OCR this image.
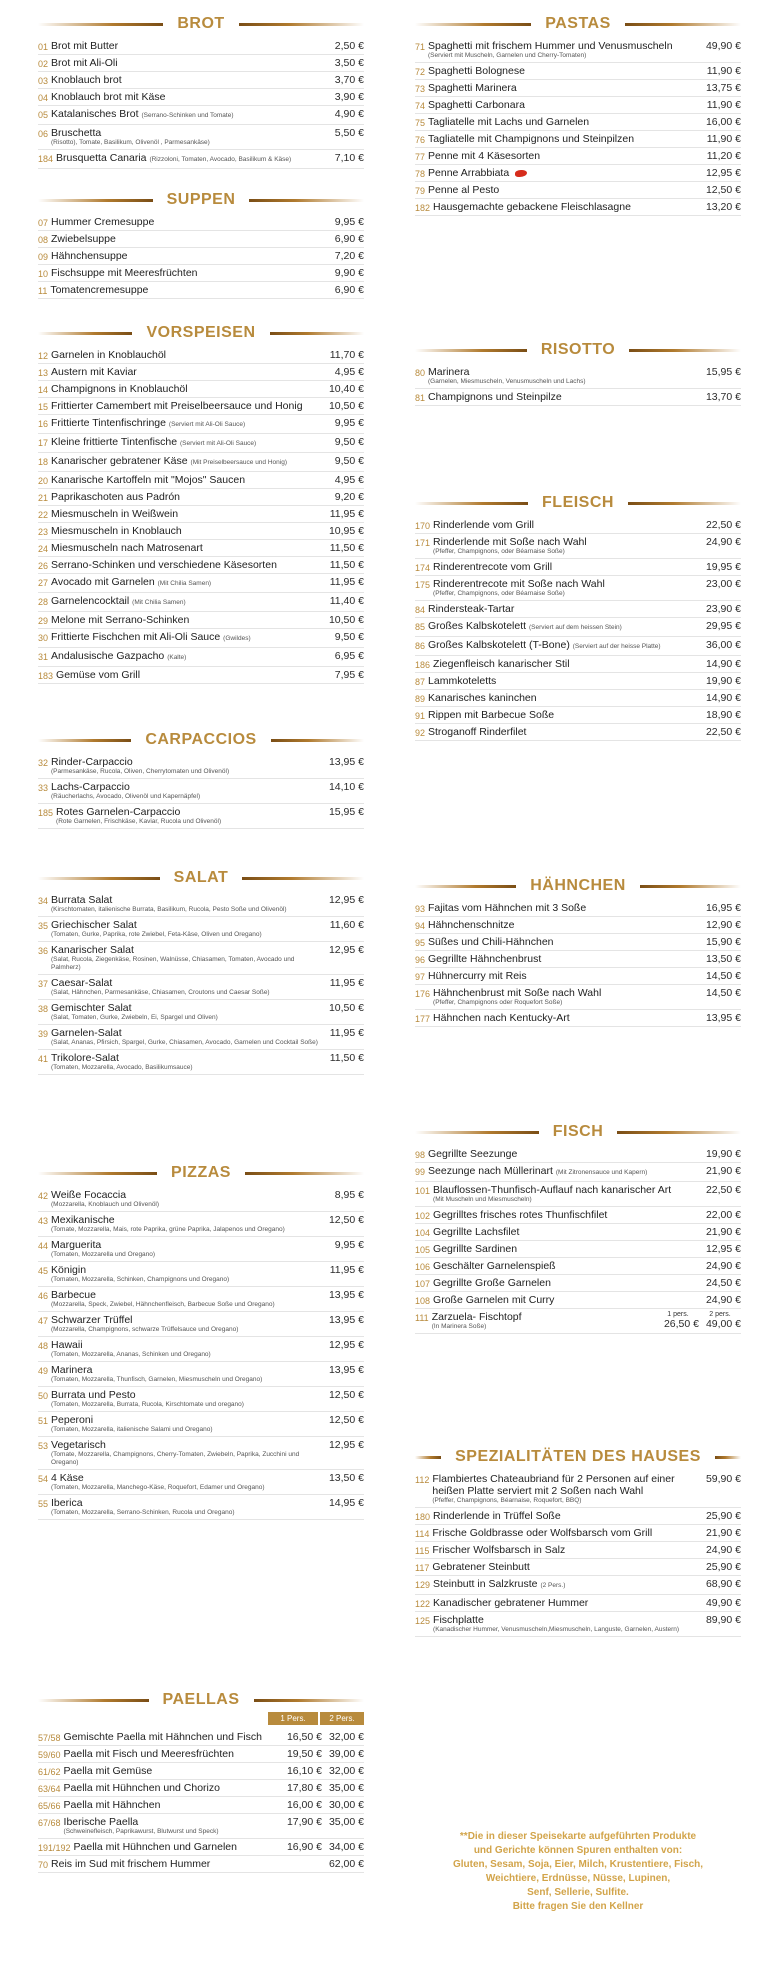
BROT
01 Brot mit Butter	2,50 €
02 Brot mit Ali-Oli	3,50 €
03 Knoblauch brot	3,70 €
04 Knoblauch brot mit Käse	3,90 €
05 Katalanisches Brot (Serrano-Schinken und Tomate)	4,90 €
06 Bruschetta
(Risotto), Tomate, Basilikum, Olivenöl , Parmesankäse)
5,50 €
184 Brusquetta Canaria (Rizzoloni, Tomaten, Avocado, Basilikum & Käse)	7,10 €
SUPPEN
07 Hummer Cremesuppe	9,95 €
08 Zwiebelsuppe	6,90 €
09 Hähnchensuppe	7,20 €
10 Fischsuppe mit Meeresfrüchten	9,90 €
11 Tomatencremesuppe	6,90 €
VORSPEISEN
12 Garnelen in Knoblauchöl	11,70 €
13 Austern mit Kaviar	4,95 €
14 Champignons in Knoblauchöl	10,40 €
15 Frittierter Camembert mit Preiselbeersauce und Honig	10,50 €
16 Frittierte Tintenfischringe (Serviert mit Ali-Oli Sauce)	9,95 €
17 Kleine frittierte Tintenfische (Serviert mit Ali-Oli Sauce)	9,50 €
18 Kanarischer gebratener Käse (Mit Preiselbeersauce und Honig)	9,50 €
20 Kanarische Kartoffeln mit "Mojos" Saucen	4,95 €
21 Paprikaschoten aus Padrón	9,20 €
22 Miesmuscheln in Weißwein	11,95 €
23 Miesmuscheln in Knoblauch	10,95 €
24 Miesmuscheln nach Matrosenart	11,50 €
26 Serrano-Schinken und verschiedene Käsesorten	11,50 €
27 Avocado mit Garnelen (Mit Chilia Samen)	11,95 €
28 Garnelencocktail (Mit Chilia Samen)	11,40 €
29 Melone mit Serrano-Schinken	10,50 €
30 Frittierte Fischchen mit Ali-Oli Sauce (Gwildes)	9,50 €
31 Andalusische Gazpacho (Kalte)	6,95 €
183 Gemüse vom Grill	7,95 €
CARPACCIOS
32 Rinder-Carpaccio
(Parmesankäse, Rucola, Oliven, Cherrytomaten und Olivenöl)
13,95 €
33 Lachs-Carpaccio
(Räucherlachs, Avocado, Olivenöl und Kapernäpfel)
14,10 €
185 Rotes Garnelen-Carpaccio
(Rote Garnelen, Frischkäse, Kaviar, Rucola und Olivenöl)
15,95 €
SALAT
34 Burrata Salat
(Kirschtomaten, italienische Burrata, Basilikum, Rucola, Pesto Soße und Olivenöl)
12,95 €
35 Griechischer Salat
(Tomaten, Gurke, Paprika, rote Zwiebel, Feta-Käse, Oliven und Oregano)
11,60 €
36 Kanarischer Salat
(Salat, Rucola, Ziegenkäse, Rosinen, Walnüsse, Chiasamen, Tomaten, Avocado und Palmherz)
12,95 €
37 Caesar-Salat
(Salat, Hähnchen, Parmesankäse, Chiasamen, Croutons und Caesar Soße)
11,95 €
38 Gemischter Salat
(Salat, Tomaten, Gurke, Zwiebeln, Ei, Spargel und Oliven)
10,50 €
39 Garnelen-Salat
(Salat, Ananas, Pfirsich, Spargel, Gurke, Chiasamen, Avocado, Garnelen und Cocktail Soße)
11,95 €
41 Trikolore-Salat
(Tomaten, Mozzarella, Avocado, Basilikumsauce)
11,50 €
PIZZAS
42 Weiße Focaccia
(Mozzarella, Knoblauch und Olivenöl)
8,95 €
43 Mexikanische
(Tomate, Mozzarella, Mais, rote Paprika, grüne Paprika, Jalapenos und Oregano)
12,50 €
44 Marguerita
(Tomaten, Mozzarella und Oregano)
9,95 €
45 Königin
(Tomaten, Mozzarella, Schinken, Champignons und Oregano)
11,95 €
46 Barbecue
(Mozzarella, Speck, Zwiebel, Hähnchenfleisch, Barbecue Soße und Oregano)
13,95 €
47 Schwarzer Trüffel
(Mozzarella, Champignons, schwarze Trüffelsauce und Oregano)
13,95 €
48 Hawaii
(Tomaten, Mozzarella, Ananas, Schinken und Oregano)
12,95 €
49 Marinera
(Tomaten, Mozzarella, Thunfisch, Garnelen, Miesmuscheln und Oregano)
13,95 €
50 Burrata und Pesto
(Tomaten, Mozzarella, Burrata, Rucola, Kirschtomate und oregano)
12,50 €
51 Peperoni
(Tomaten, Mozzarella, italienische Salami und Oregano)
12,50 €
53 Vegetarisch
(Tomate, Mozzarella, Champignons, Cherry-Tomaten, Zwiebeln, Paprika, Zucchini und Oregano)
12,95 €
54 4 Käse
(Tomaten, Mozzarella, Manchego-Käse, Roquefort, Edamer und Oregano)
13,50 €
55 Iberica
(Tomaten, Mozzarella, Serrano-Schinken, Rucola und Oregano)
14,95 €
PAELLAS
1 Pers.	2 Pers.
57/58 Gemischte Paella mit Hähnchen und Fisch	16,50 € 32,00 €
59/60 Paella mit Fisch und Meeresfrüchten	19,50 € 39,00 €
61/62 Paella mit Gemüse	16,10 € 32,00 €
63/64 Paella mit Hühnchen und Chorizo	17,80 € 35,00 €
65/66 Paella mit Hähnchen	16,00 € 30,00 €
67/68 Iberische Paella
(Schweinefleisch, Paprikawurst, Blutwurst und Speck)
17,90 € 35,00 €
191/192 Paella mit Hühnchen und Garnelen	16,90 € 34,00 €
70 Reis im Sud mit frischem Hummer	62,00 €
PASTAS
71 Spaghetti mit frischem Hummer und Venusmuscheln
(Serviert mit Muscheln, Garnelen und Cherry-Tomaten)
49,90 €
72 Spaghetti Bolognese	11,90 €
73 Spaghetti Marinera	13,75 €
74 Spaghetti Carbonara	11,90 €
75 Tagliatelle mit Lachs und Garnelen	16,00 €
76 Tagliatelle mit Champignons und Steinpilzen	11,90 €
77 Penne mit 4 Käsesorten	11,20 €
78 Penne Arrabbiata	12,95 €
79 Penne al Pesto	12,50 €
182 Hausgemachte gebackene Fleischlasagne	13,20 €
RISOTTO
80 Marinera
(Garnelen, Miesmuscheln, Venusmuscheln und Lachs)
15,95 €
81 Champignons und Steinpilze	13,70 €
FLEISCH
170 Rinderlende vom Grill	22,50 €
171 Rinderlende mit Soße nach Wahl
(Pfeffer, Champignons, oder Béarnaise Soße)
24,90 €
174 Rinderentrecote vom Grill	19,95 €
175 Rinderentrecote mit Soße nach Wahl
(Pfeffer, Champignons, oder Béarnaise Soße)
23,00 €
84 Rindersteak-Tartar	23,90 €
85 Großes Kalbskotelett (Serviert auf dem heissen Stein)	29,95 €
86 Großes Kalbskotelett (T-Bone) (Serviert auf der heisse Platte)	36,00 €
186 Ziegenfleisch kanarischer Stil	14,90 €
87 Lammkoteletts	19,90 €
89 Kanarisches kaninchen	14,90 €
91 Rippen mit Barbecue Soße	18,90 €
92 Stroganoff Rinderfilet	22,50 €
HÄHNCHEN
93 Fajitas vom Hähnchen mit 3 Soße	16,95 €
94 Hähnchenschnitze	12,90 €
95 Süßes und Chili-Hähnchen	15,90 €
96 Gegrillte Hähnchenbrust	13,50 €
97 Hühnercurry mit Reis	14,50 €
176 Hähnchenbrust mit Soße nach Wahl
(Pfeffer, Champignons oder Roquefort Soße)
14,50 €
177 Hähnchen nach Kentucky-Art	13,95 €
FISCH
98 Gegrillte Seezunge	19,90 €
99 Seezunge nach Müllerinart (Mit Zitronensauce und Kapern)	21,90 €
101 Blauflossen-Thunfisch-Auflauf nach kanarischer Art
(Mit Muscheln und Miesmuscheln)
22,50 €
102 Gegrilltes frisches rotes Thunfischfilet	22,00 €
104 Gegrillte Lachsfilet	21,90 €
105 Gegrillte Sardinen	12,95 €
106 Geschälter Garnelenspieß	24,90 €
107 Gegrillte Große Garnelen	24,50 €
108 Große Garnelen mit Curry	24,90 €
111 Zarzuela- Fischtopf
(In Marinera Soße)
1 pers.
26,50 €
2 pers.
49,00 €
SPEZIALITÄTEN DES HAUSES
112 Flambiertes Chateaubriand für 2 Personen auf einer heißen Platte serviert mit 2 Soßen nach Wahl
(Pfeffer, Champignons, Béarnaise, Roquefort, BBQ)
59,90 €
180 Rinderlende in Trüffel Soße	25,90 €
114 Frische Goldbrasse oder Wolfsbarsch vom Grill	21,90 €
115 Frischer Wolfsbarsch in Salz	24,90 €
117 Gebratener Steinbutt	25,90 €
129 Steinbutt in Salzkruste (2 Pers.)	68,90 €
122 Kanadischer gebratener Hummer	49,90 €
125 Fischplatte
(Kanadischer Hummer, Venusmuscheln,Miesmuscheln, Languste, Garnelen, Austern)
89,90 €
**Die in dieser Speisekarte aufgeführten Produkte
und Gerichte können Spuren enthalten von:
Gluten, Sesam, Soja, Eier, Milch, Krustentiere, Fisch,
Weichtiere, Erdnüsse, Nüsse, Lupinen,
Senf, Sellerie, Sulfite.
Bitte fragen Sie den Kellner
